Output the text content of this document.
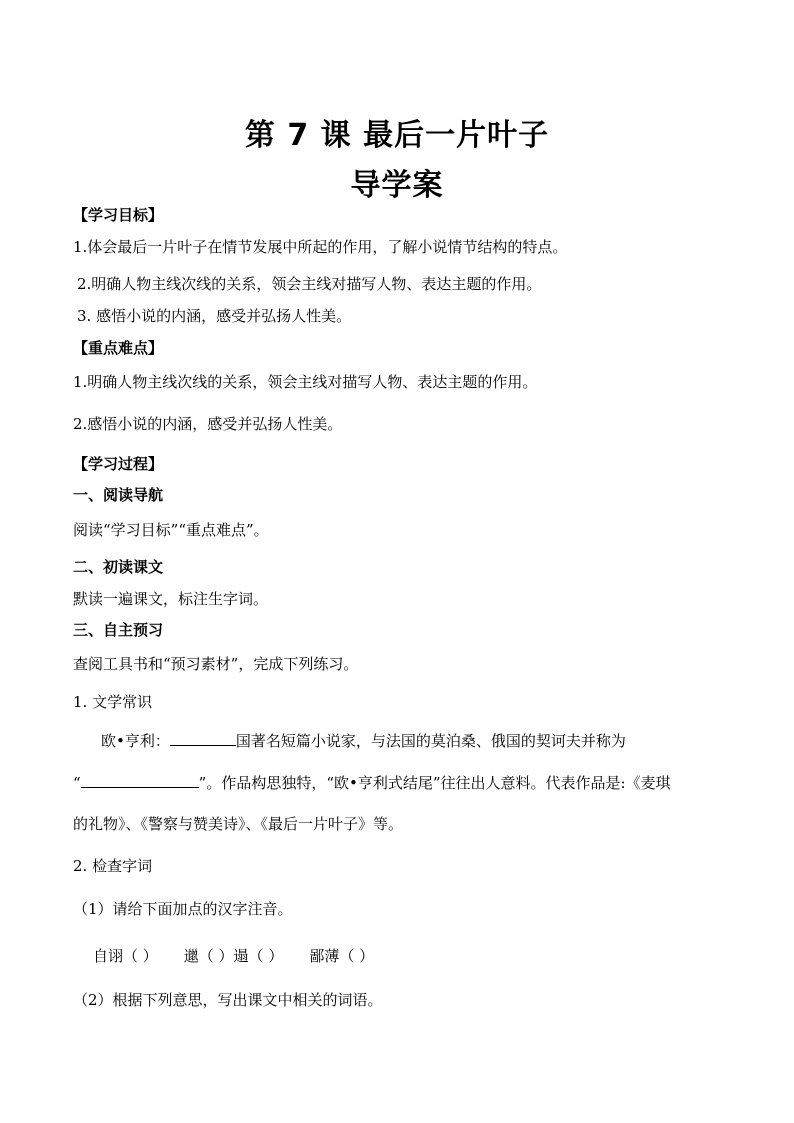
第 7 课 最后一片叶子
导学案
【学习目标】
1.体会最后一片叶子在情节发展中所起的作用，了解小说情节结构的特点。
2.明确人物主线次线的关系，领会主线对描写人物、表达主题的作用。
3. 感悟小说的内涵，感受并弘扬人性美。
【重点难点】
1.明确人物主线次线的关系，领会主线对描写人物、表达主题的作用。
2.感悟小说的内涵，感受并弘扬人性美。
【学习过程】
一、阅读导航
阅读“学习目标”“重点难点”。
二、初读课文
默读一遍课文，标注生字词。
三、自主预习
查阅工具书和“预习素材”，完成下列练习。
1. 文学常识
欧•亨利：	国著名短篇小说家，与法国的莫泊桑、俄国的契诃夫并称为
“	”。作品构思独特，“欧•亨利式结尾”往往出人意料。代表作品是:《麦琪
的礼物》、《警察与赞美诗》、《最后一片叶子》等。
2. 检查字词
（1）请给下面加点的汉字注音。
自诩（ ） 邋（ ）遢（ ） 鄙薄（ ）
（2）根据下列意思，写出课文中相关的词语。
